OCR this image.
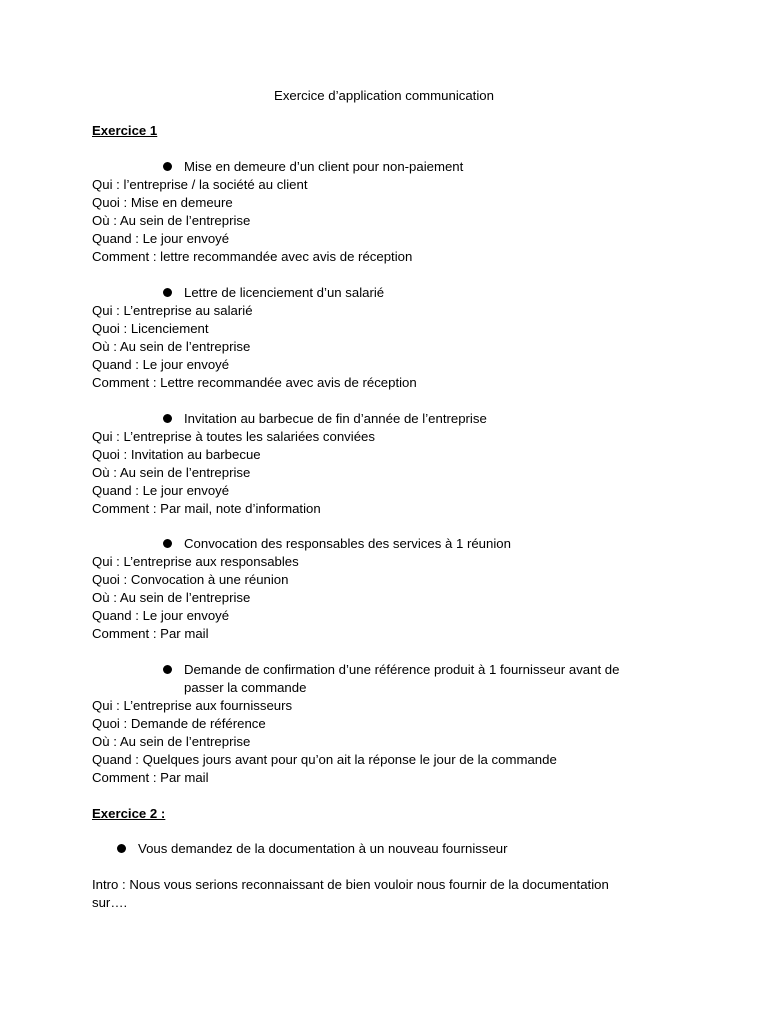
Exercice d’application communication
Exercice 1
Mise en demeure d’un client pour non-paiement
Qui : l’entreprise / la société au client
Quoi : Mise en demeure
Où : Au sein de l’entreprise
Quand : Le jour envoyé
Comment : lettre recommandée avec avis de réception
Lettre de licenciement d’un salarié
Qui : L’entreprise au salarié
Quoi : Licenciement
Où : Au sein de l’entreprise
Quand : Le jour envoyé
Comment : Lettre recommandée avec avis de réception
Invitation au barbecue de fin d’année de l’entreprise
Qui : L’entreprise à toutes les salariées conviées
Quoi : Invitation au barbecue
Où : Au sein de l’entreprise
Quand : Le jour envoyé
Comment : Par mail, note d’information
Convocation des responsables des services à 1 réunion
Qui : L’entreprise aux responsables
Quoi : Convocation à une réunion
Où : Au sein de l’entreprise
Quand : Le jour envoyé
Comment : Par mail
Demande de confirmation d’une référence produit à 1 fournisseur avant de
passer la commande
Qui : L’entreprise aux fournisseurs
Quoi : Demande de référence
Où : Au sein de l’entreprise
Quand : Quelques jours avant pour qu’on ait la réponse le jour de la commande
Comment : Par mail
Exercice 2 :
Vous demandez de la documentation à un nouveau fournisseur
Intro : Nous vous serions reconnaissant de bien vouloir nous fournir de la documentation
sur….
